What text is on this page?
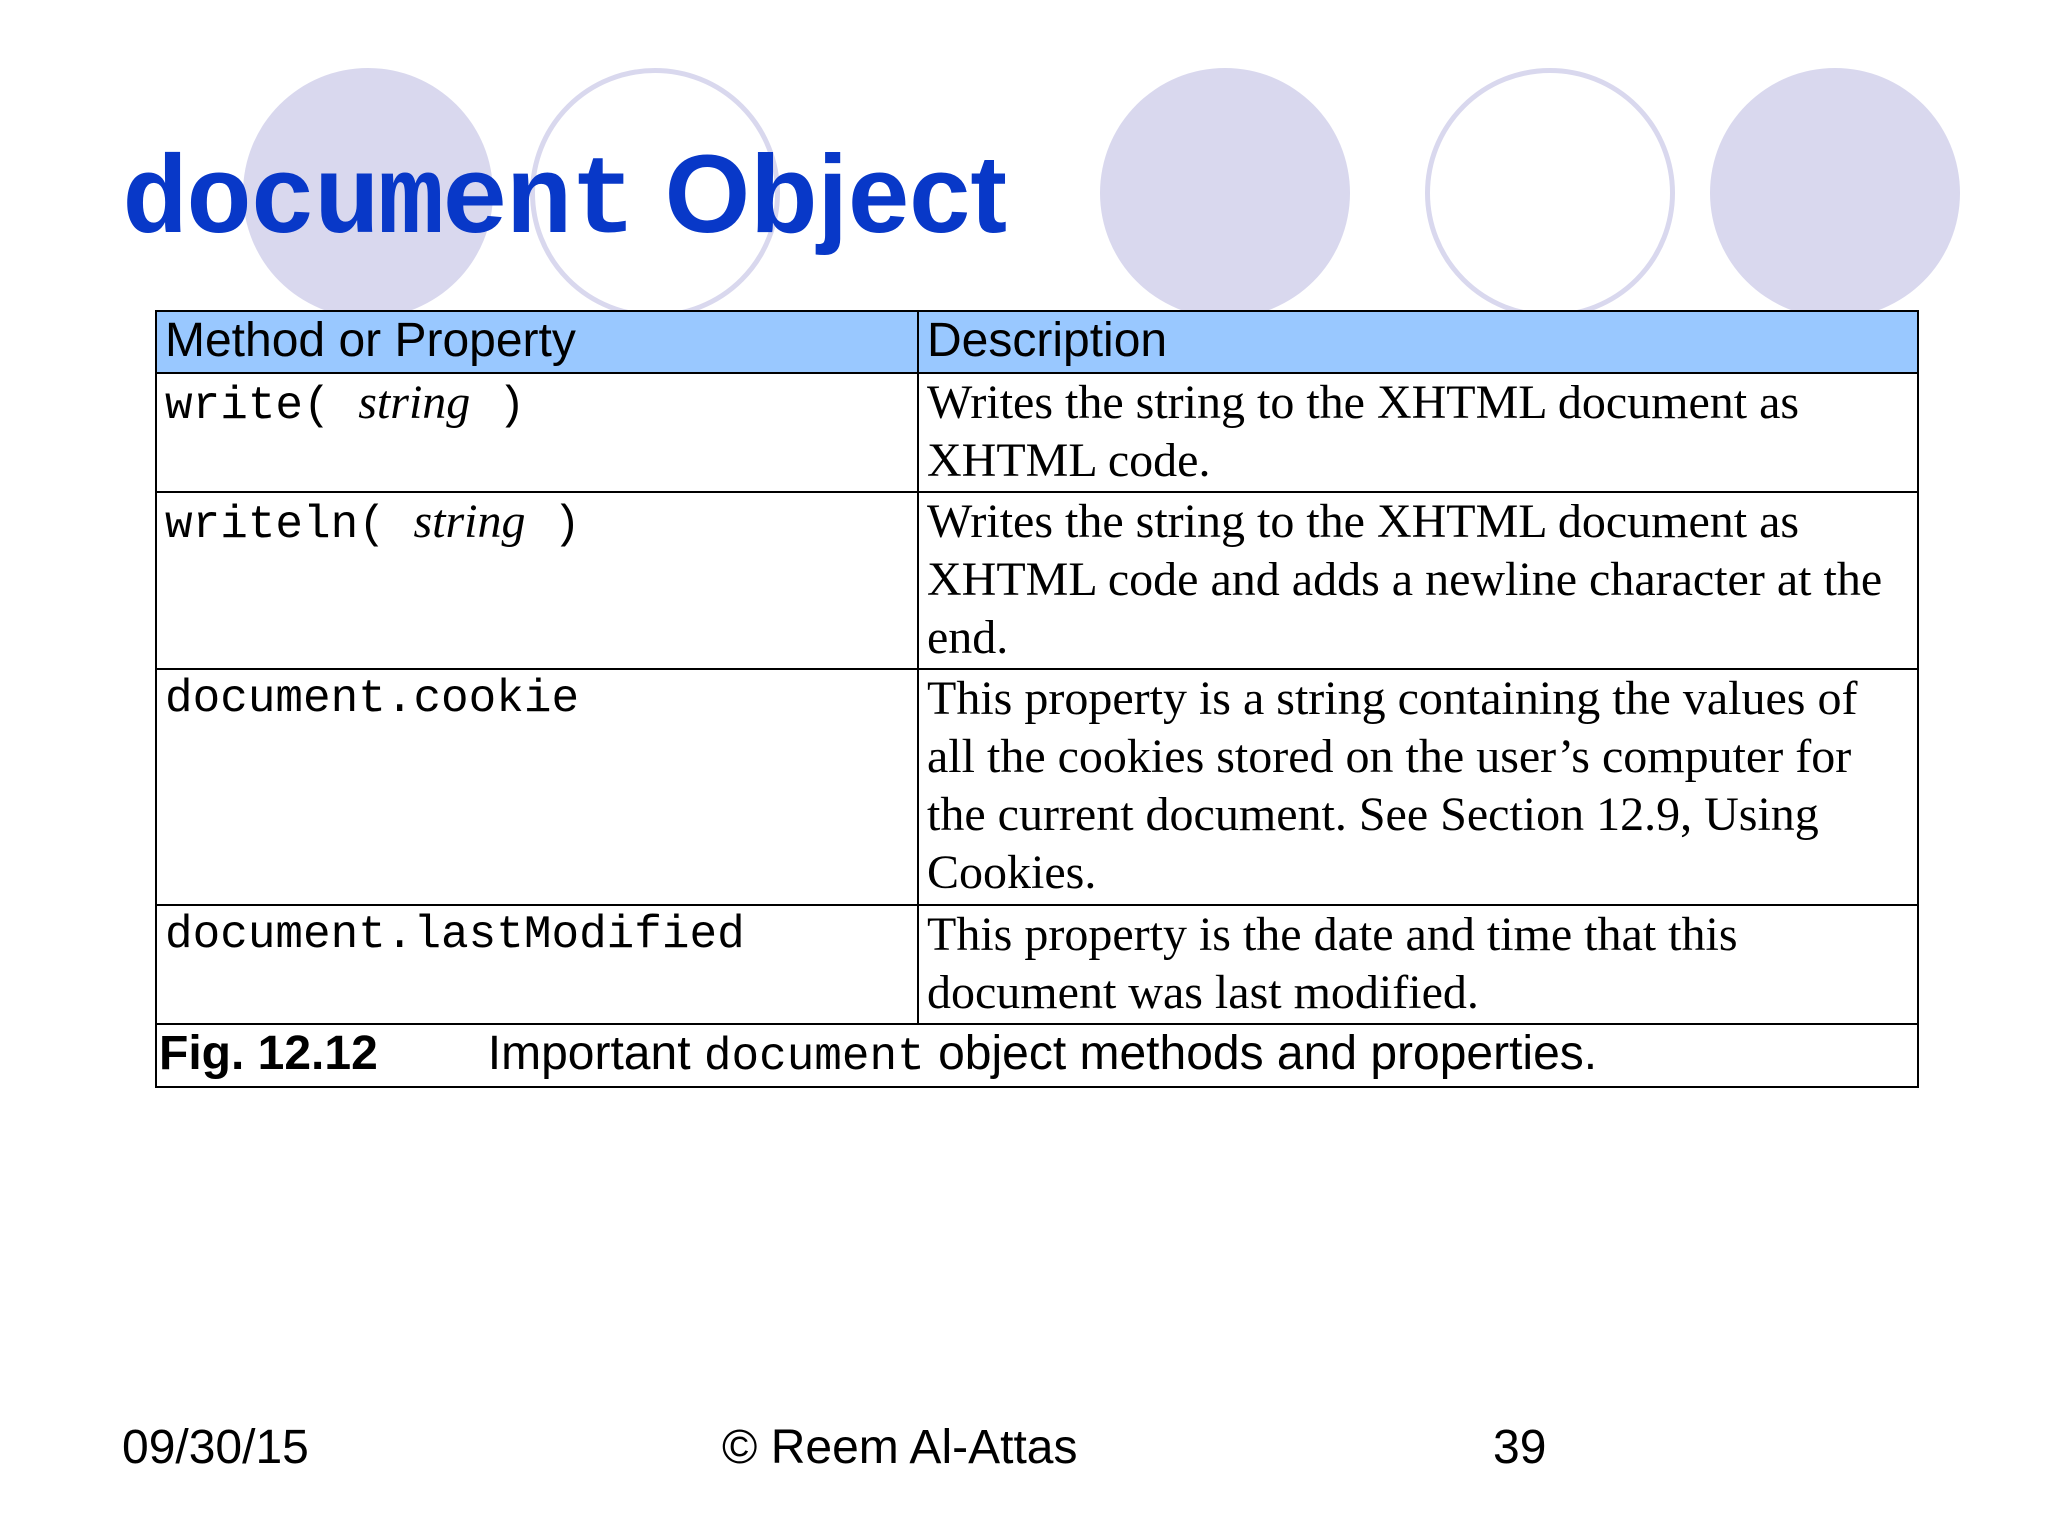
document Object
Method or Property	Description
write( string )	Writes the string to the XHTML document as XHTML code.
writeln( string )	Writes the string to the XHTML document as XHTML code and adds a newline character at the end.
document.cookie	This property is a string containing the values of all the cookies stored on the user’s computer for the current document. See Section 12.9, Using Cookies.
document.lastModified	This property is the date and time that this document was last modified.
Fig. 12.12 Important document object methods and properties.	
09/30/15	© Reem Al-Attas	39
